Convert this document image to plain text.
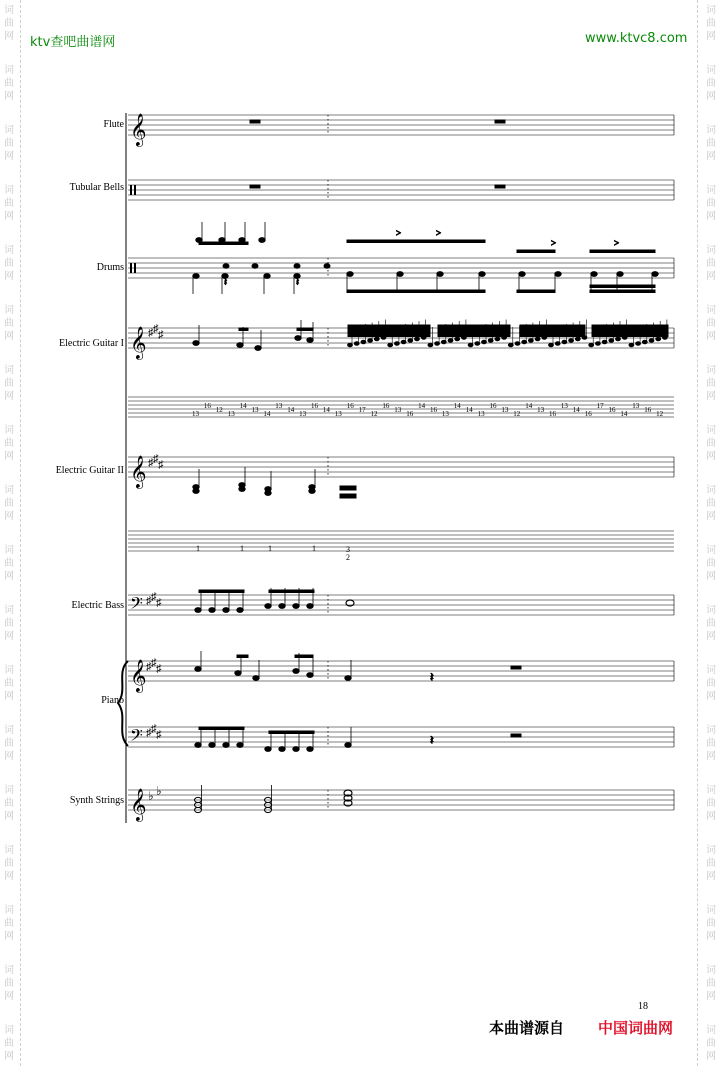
词
曲
网
词
曲
网
词
曲
网
词
曲
网
词
曲
网
词
曲
网
词
曲
网
词
曲
网
词
曲
网
词
曲
网
词
曲
网
词
曲
网
词
曲
网
词
曲
网
词
曲
网
词
曲
网
词
曲
网
词
曲
网
词
曲
网
词
曲
网
词
曲
网
词
曲
网
词
曲
网
词
曲
网
词
曲
网
词
曲
网
词
曲
网
词
曲
网
词
曲
网
词
曲
网
词
曲
网
词
曲
网
词
曲
网
词
曲
网
词
曲
网
词
曲
网
ktv查吧曲谱网	www.ktvc8.com
Flute
Tubular Bells
Drums
Electric Guitar I
Electric Guitar II
Electric Bass
Piano
Synth Strings
>	>
>	>
𝄽	𝄽
𝄽
𝄽
𝄞
𝄞
𝄞
𝄢
𝄞
𝄢
𝄞
♯ ♯ ♯
♯ ♯ ♯
♯ ♯ ♯
♯ ♯ ♯
♯ ♯ ♯
♭ ♭
13
16 12 13
14 13 14
13 14 13
16 14 13
16 17 12
16 13 16
14 16 13
14 14 13
16 13 12
14 13 16
13 14 16
17 16 14
13 16 12
1	1	1	1	3
2
18
本曲谱源自 中国词曲网
